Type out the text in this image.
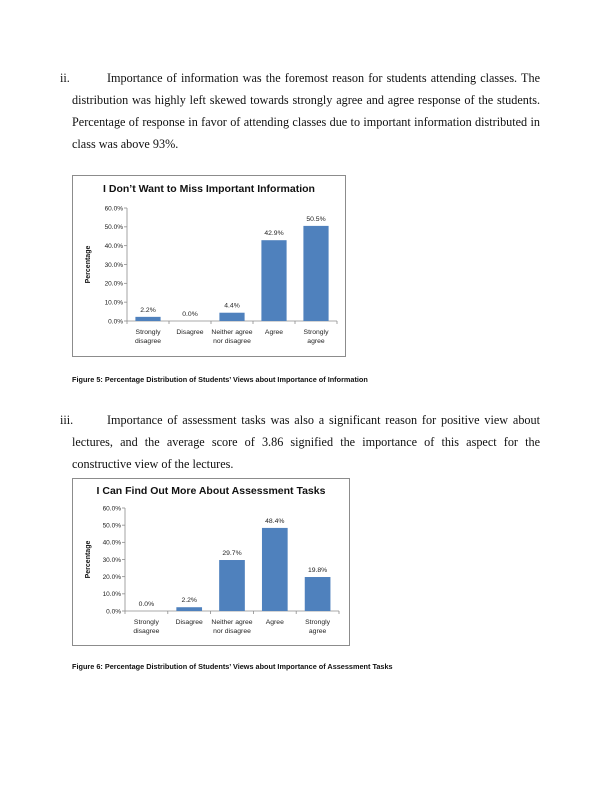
ii.	Importance of information was the foremost reason for students attending classes. The distribution was highly left skewed towards strongly agree and agree response of the students. Percentage of response in favor of attending classes due to important information distributed in class was above 93%.
I Don’t Want to Miss Important Information
0.0%
10.0%
20.0%
30.0%
40.0%
50.0%
60.0%
Percentage
2.2%
Strongly
disagree
0.0%
Disagree
4.4%
Neither agree
nor disagree
42.9%
Agree
50.5%
Strongly
agree
Figure 5: Percentage Distribution of Students’ Views about Importance of Information
iii.	Importance of assessment tasks was also a significant reason for positive view about lectures, and the average score of 3.86 signified the importance of this aspect for the constructive view of the lectures.
I Can Find Out More About Assessment Tasks
0.0%
10.0%
20.0%
30.0%
40.0%
50.0%
60.0%
Percentage
0.0%
Strongly
disagree
2.2%
Disagree
29.7%
Neither agree
nor disagree
48.4%
Agree
19.8%
Strongly
agree
Figure 6: Percentage Distribution of Students’ Views about Importance of Assessment Tasks
